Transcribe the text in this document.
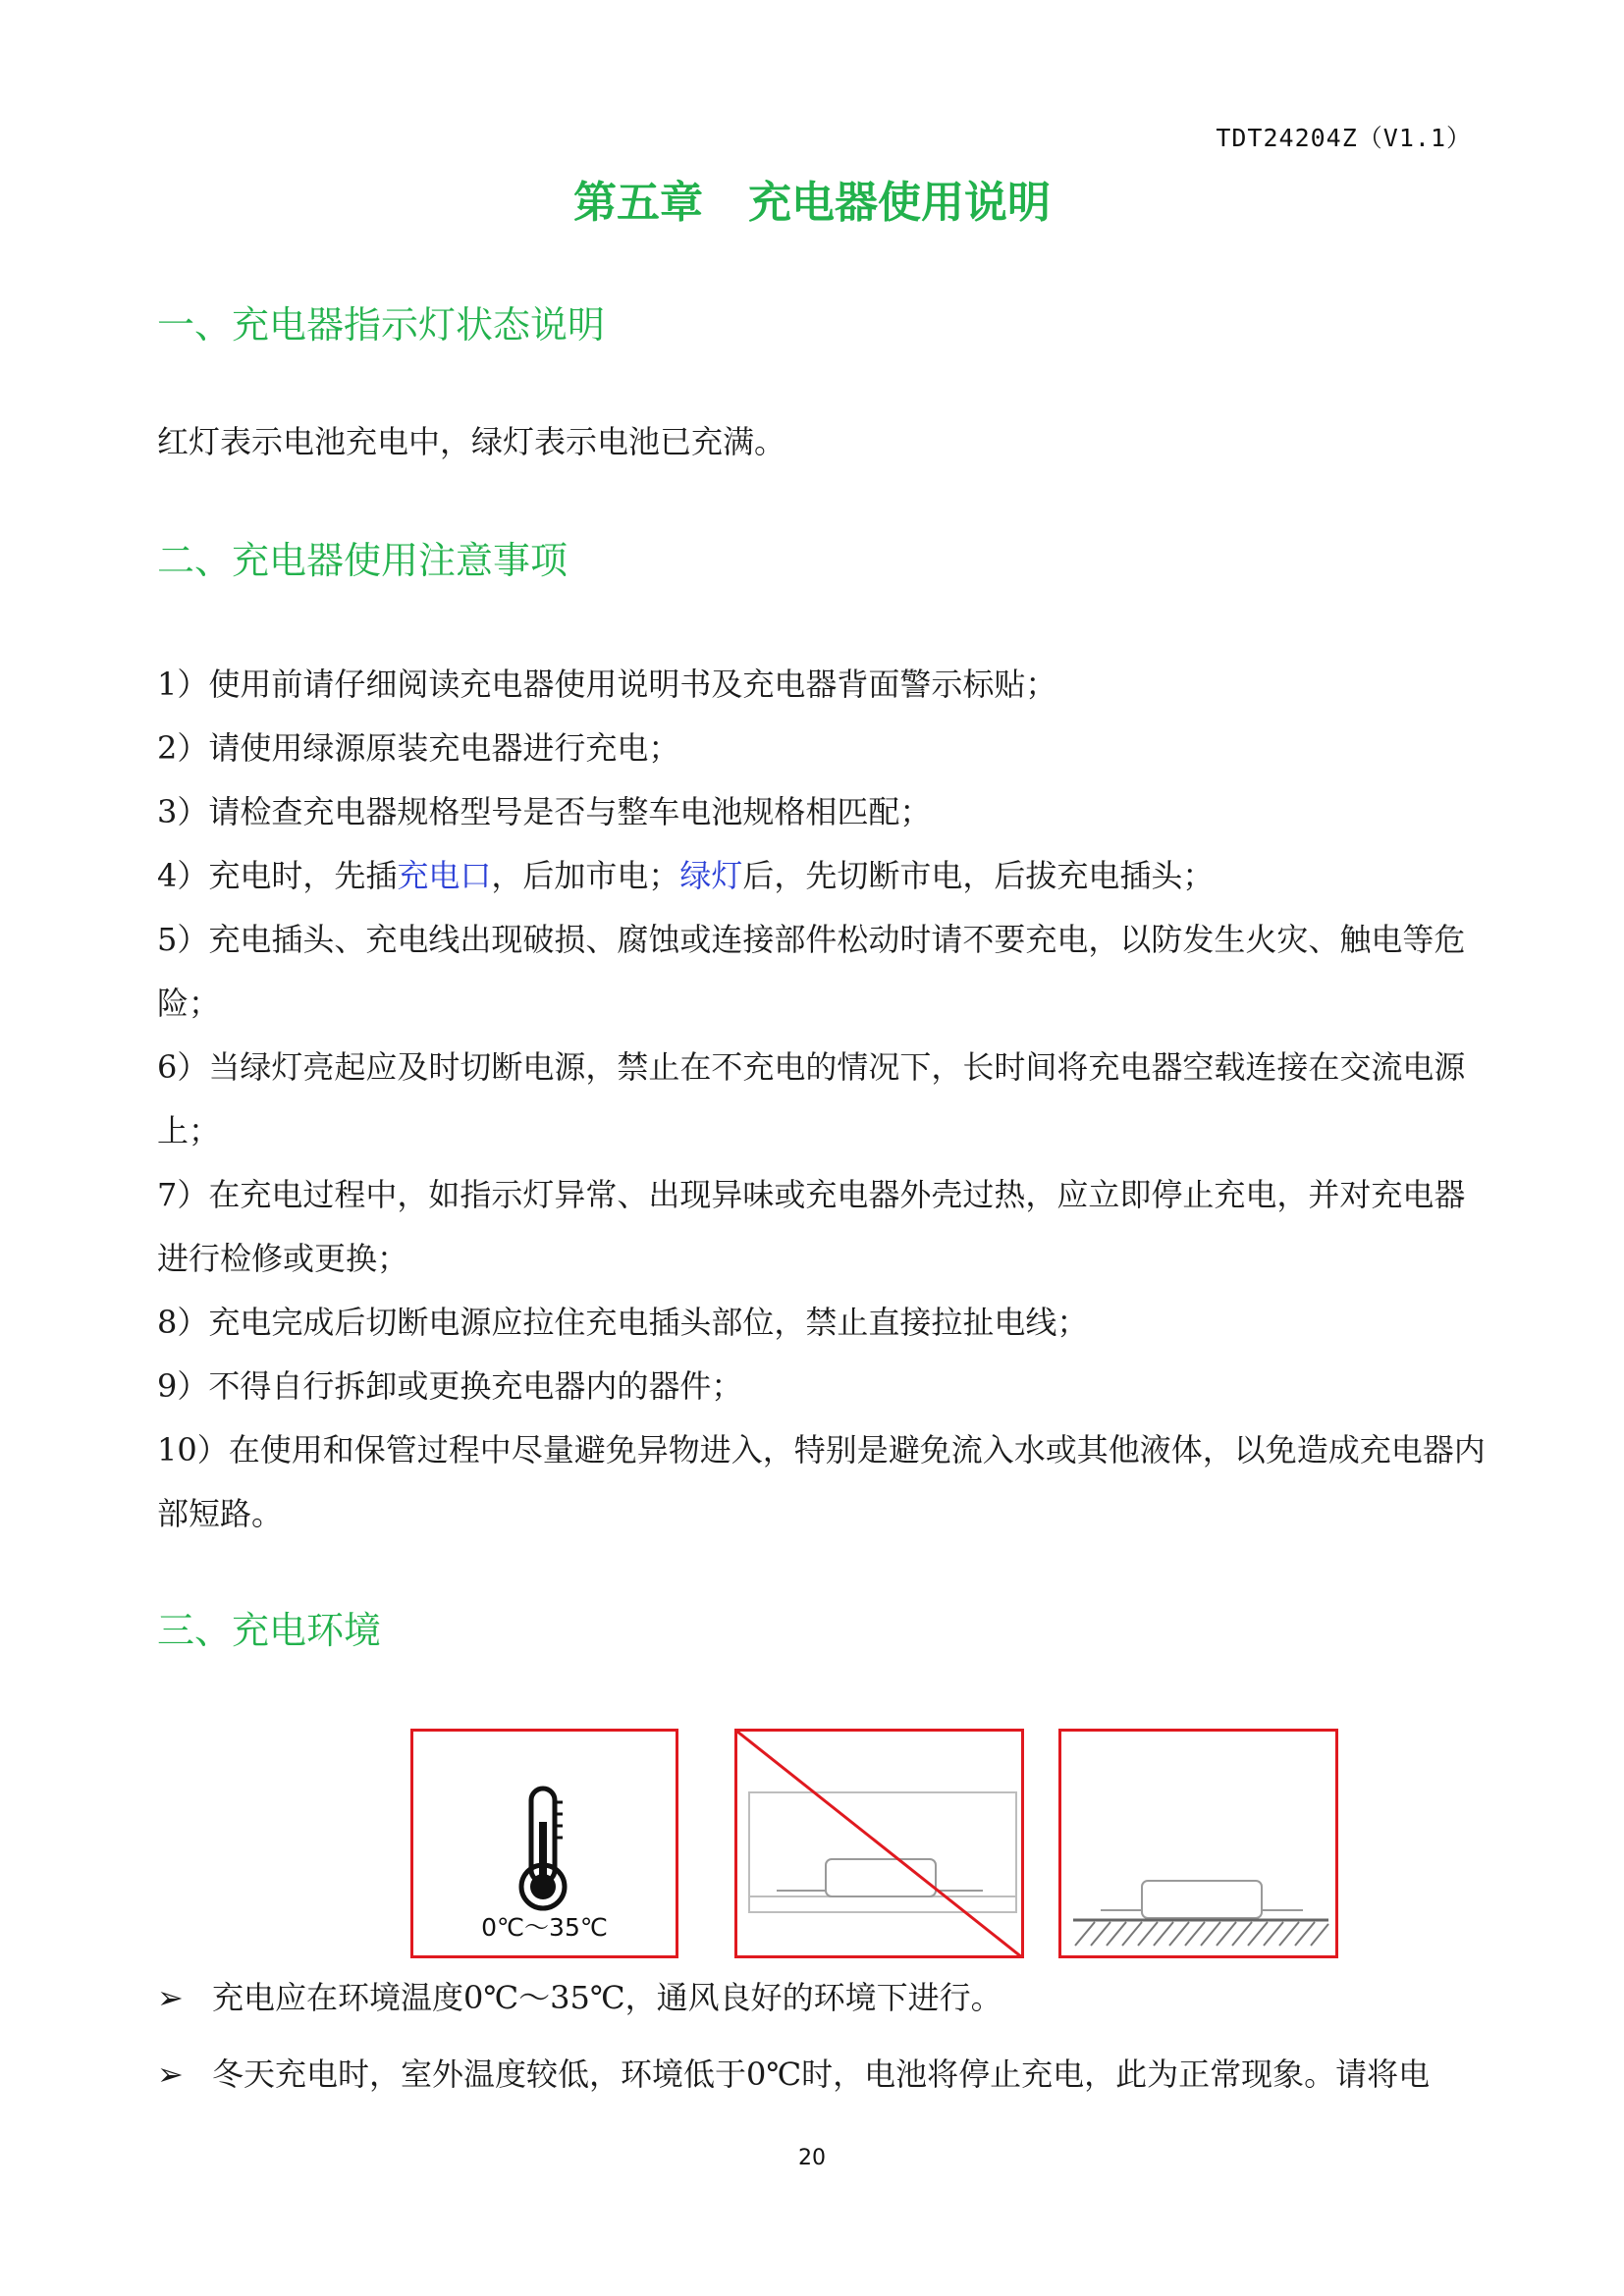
TDT24204Z（V1.1）
第五章   充电器使用说明
一、充电器指示灯状态说明

红灯表示电池充电中，绿灯表示电池已充满。

二、充电器使用注意事项
1）使用前请仔细阅读充电器使用说明书及充电器背面警示标贴；
2）请使用绿源原装充电器进行充电；
3）请检查充电器规格型号是否与整车电池规格相匹配；
4）充电时，先插充电口，后加市电；绿灯后，先切断市电，后拔充电插头；
5）充电插头、充电线出现破损、腐蚀或连接部件松动时请不要充电，以防发生火灾、触电等危险；
6）当绿灯亮起应及时切断电源，禁止在不充电的情况下，长时间将充电器空载连接在交流电源上；
7）在充电过程中，如指示灯异常、出现异味或充电器外壳过热，应立即停止充电，并对充电器进行检修或更换；
8）充电完成后切断电源应拉住充电插头部位，禁止直接拉扯电线；
9）不得自行拆卸或更换充电器内的器件；
10）在使用和保管过程中尽量避免异物进入，特别是避免流入水或其他液体，以免造成充电器内部短路。
三、充电环境
0℃～35℃
➢ 充电应在环境温度0℃～35℃，通风良好的环境下进行。
➢ 冬天充电时，室外温度较低，环境低于0℃时，电池将停止充电，此为正常现象。请将电
20
